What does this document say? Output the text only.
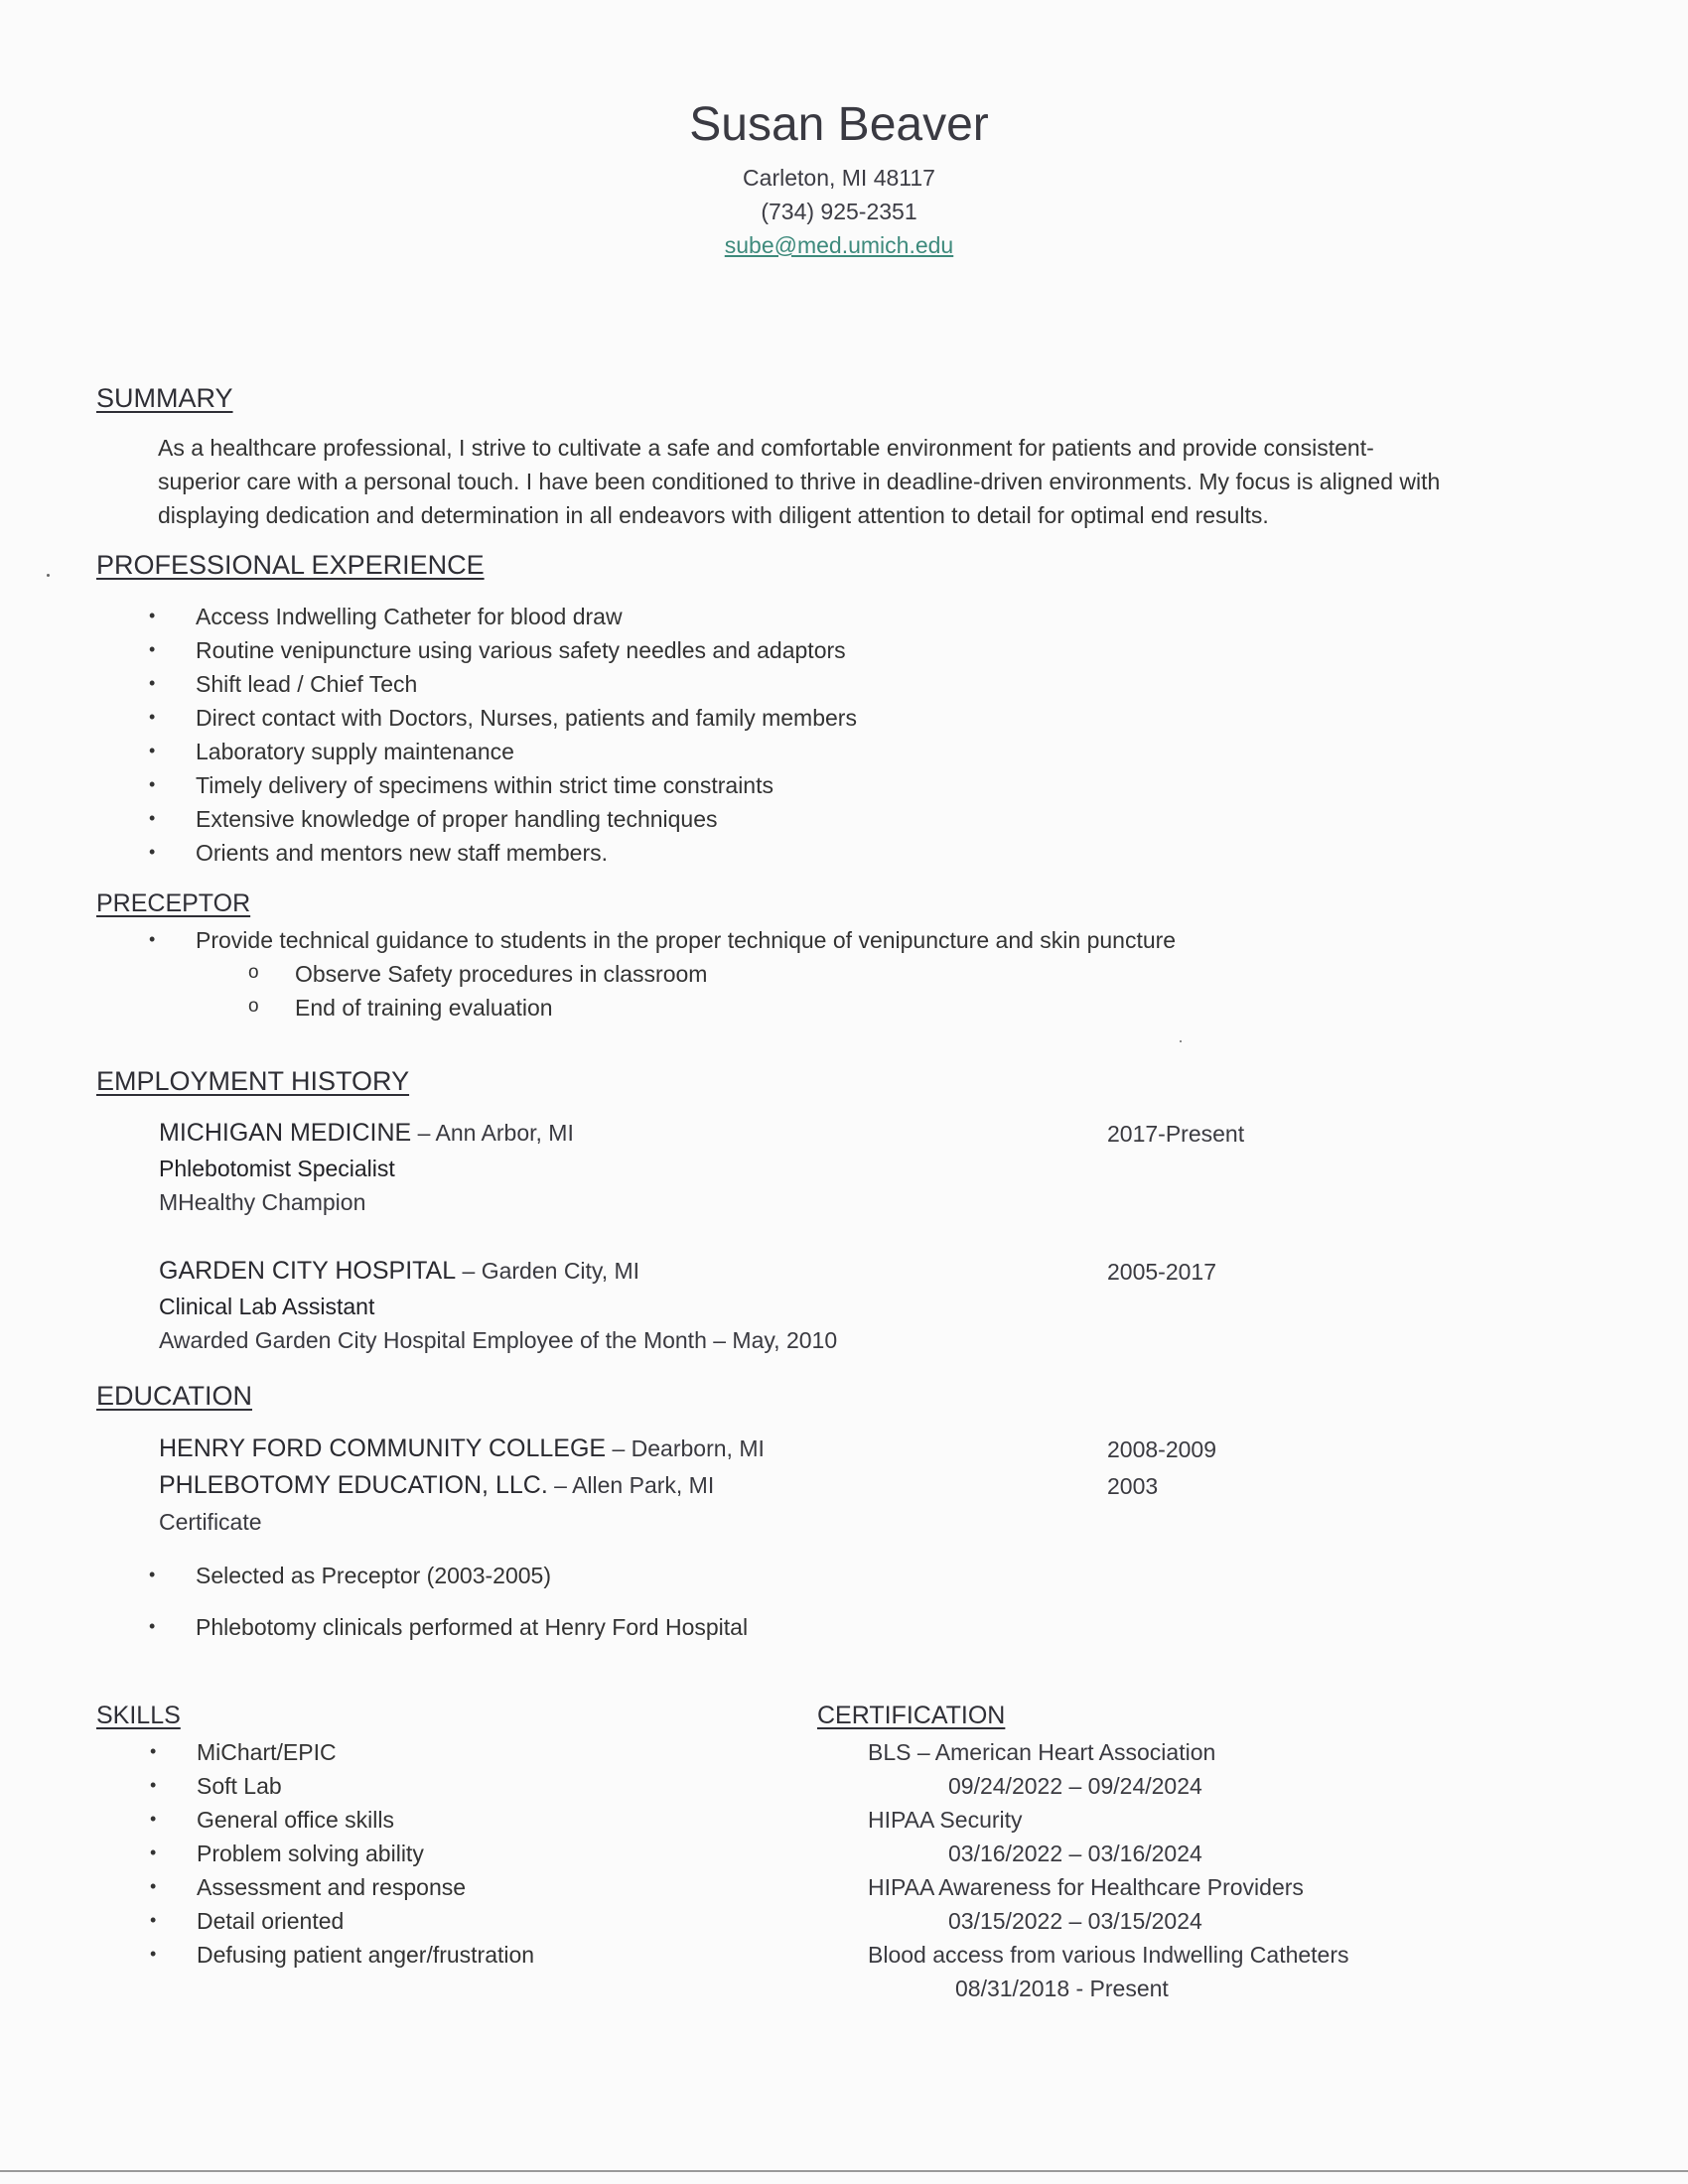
Susan Beaver
Carleton, MI 48117
(734) 925-2351
sube@med.umich.edu
SUMMARY
As a healthcare professional, I strive to cultivate a safe and comfortable environment for patients and provide consistent-
superior care with a personal touch. I have been conditioned to thrive in deadline-driven environments. My focus is aligned with
displaying dedication and determination in all endeavors with diligent attention to detail for optimal end results.
PROFESSIONAL EXPERIENCE
• Access Indwelling Catheter for blood draw
• Routine venipuncture using various safety needles and adaptors
• Shift lead / Chief Tech
• Direct contact with Doctors, Nurses, patients and family members
• Laboratory supply maintenance
• Timely delivery of specimens within strict time constraints
• Extensive knowledge of proper handling techniques
• Orients and mentors new staff members.
PRECEPTOR
• Provide technical guidance to students in the proper technique of venipuncture and skin puncture
o Observe Safety procedures in classroom
o End of training evaluation
EMPLOYMENT HISTORY
MICHIGAN MEDICINE – Ann Arbor, MI	2017-Present
Phlebotomist Specialist
MHealthy Champion
GARDEN CITY HOSPITAL – Garden City, MI	2005-2017
Clinical Lab Assistant
Awarded Garden City Hospital Employee of the Month – May, 2010
EDUCATION
HENRY FORD COMMUNITY COLLEGE – Dearborn, MI	2008-2009
PHLEBOTOMY EDUCATION, LLC. – Allen Park, MI	2003
Certificate
• Selected as Preceptor (2003-2005)
• Phlebotomy clinicals performed at Henry Ford Hospital
SKILLS
• MiChart/EPIC
• Soft Lab
• General office skills
• Problem solving ability
• Assessment and response
• Detail oriented
• Defusing patient anger/frustration
CERTIFICATION
BLS – American Heart Association
09/24/2022 – 09/24/2024
HIPAA Security
03/16/2022 – 03/16/2024
HIPAA Awareness for Healthcare Providers
03/15/2022 – 03/15/2024
Blood access from various Indwelling Catheters
08/31/2018 - Present
